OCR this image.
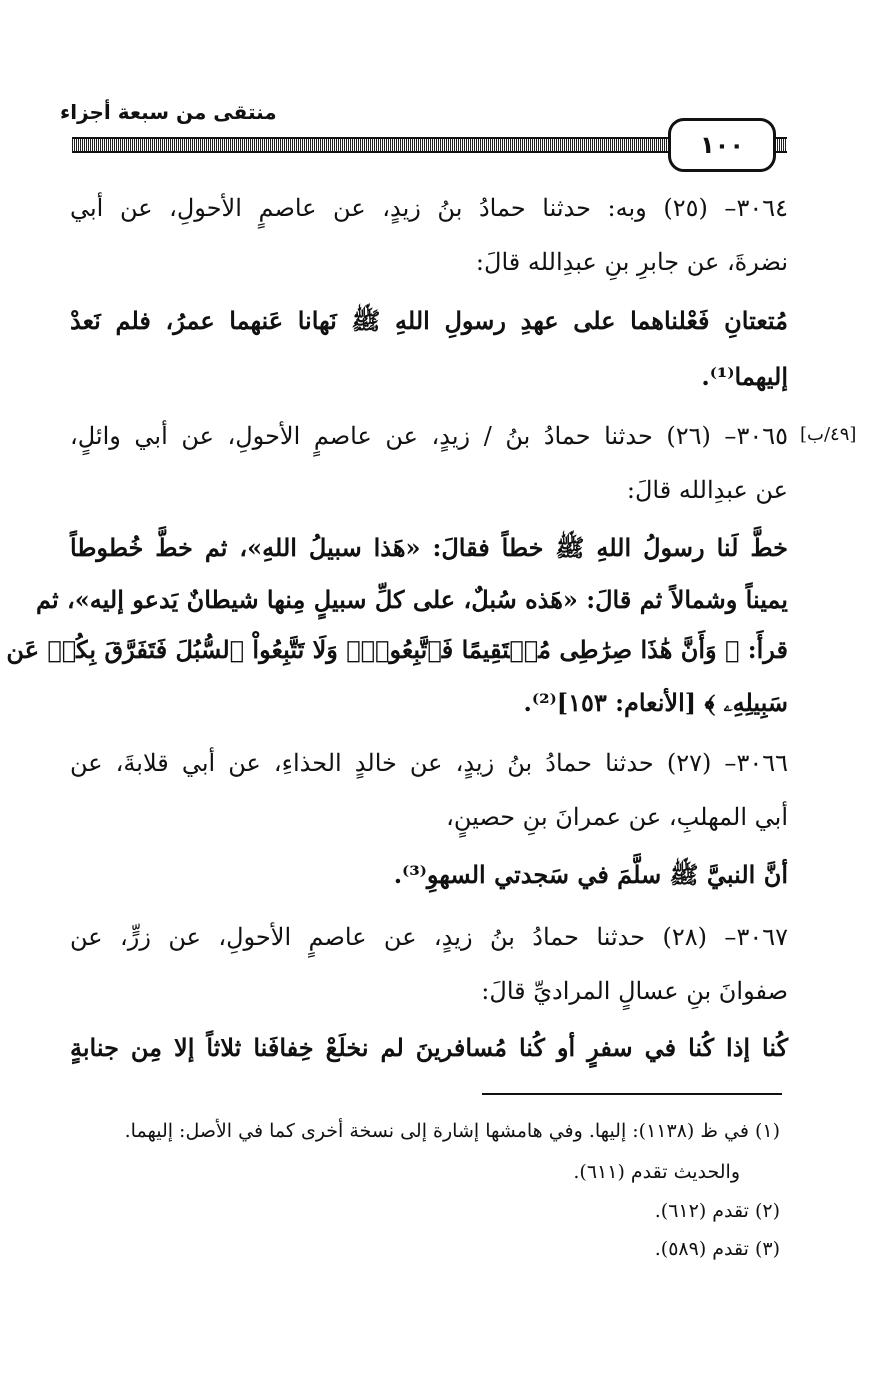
منتقى من سبعة أجزاء
١٠٠
[٤٩/ب]
٣٠٦٤– (٢٥) وبه: حدثنا حمادُ بنُ زيدٍ، عن عاصمٍ الأحولِ، عن أبي
نضرةَ، عن جابرِ بنِ عبدِالله قالَ:
مُتعتانِ فَعْلناهما على عهدِ رسولِ اللهِ ﷺ نَهانا عَنهما عمرُ، فلم نَعدْ
إليهما⁽¹⁾.
٣٠٦٥– (٢٦) حدثنا حمادُ بنُ / زيدٍ، عن عاصمٍ الأحولِ، عن أبي وائلٍ،
عن عبدِالله قالَ:
خطَّ لَنا رسولُ اللهِ ﷺ خطاً فقالَ: «هَذا سبيلُ اللهِ»، ثم خطَّ خُطوطاً
يميناً وشمالاً ثم قالَ: «هَذه سُبلٌ، على كلِّ سبيلٍ مِنها شيطانٌ يَدعو إليه»، ثم
قرأَ: ﴿ وَأَنَّ هَٰذَا صِرَٰطِى مُسۡتَقِيمًا فَٱتَّبِعُوهُۖ وَلَا تَتَّبِعُواْ ٱلسُّبُلَ فَتَفَرَّقَ بِكُمۡ عَن
سَبِيلِهِۦ ﴾ [الأنعام: ١٥٣]⁽²⁾.
٣٠٦٦– (٢٧) حدثنا حمادُ بنُ زيدٍ، عن خالدٍ الحذاءِ، عن أبي قلابةَ، عن
أبي المهلبِ، عن عمرانَ بنِ حصينٍ،
أنَّ النبيَّ ﷺ سلَّمَ في سَجدتي السهوِ⁽³⁾.
٣٠٦٧– (٢٨) حدثنا حمادُ بنُ زيدٍ، عن عاصمٍ الأحولِ، عن زرٍّ، عن
صفوانَ بنِ عسالٍ المراديِّ قالَ:
كُنا إذا كُنا في سفرٍ أو كُنا مُسافرينَ لم نخلَعْ خِفافَنا ثلاثاً إلا مِن جنابةٍ
(١) في ظ (١١٣٨): إليها. وفي هامشها إشارة إلى نسخة أخرى كما في الأصل: إليهما.
والحديث تقدم (٦١١).
(٢) تقدم (٦١٢).
(٣) تقدم (٥٨٩).
